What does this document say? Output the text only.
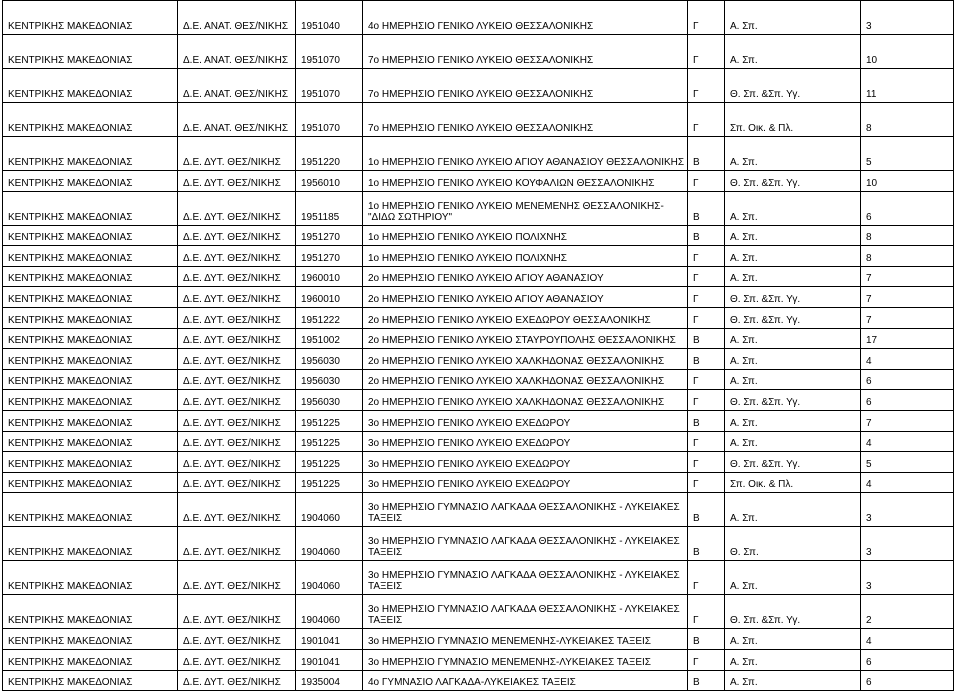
ΚΕΝΤΡΙΚΗΣ ΜΑΚΕΔΟΝΙΑΣ	Δ.Ε. ΑΝΑΤ. ΘΕΣ/ΝΙΚΗΣ	1951040	4ο ΗΜΕΡΗΣΙΟ ΓΕΝΙΚΟ ΛΥΚΕΙΟ ΘΕΣΣΑΛΟΝΙΚΗΣ	Γ	Α. Σπ.	3

ΚΕΝΤΡΙΚΗΣ ΜΑΚΕΔΟΝΙΑΣ	Δ.Ε. ΑΝΑΤ. ΘΕΣ/ΝΙΚΗΣ	1951070	7ο ΗΜΕΡΗΣΙΟ ΓΕΝΙΚΟ ΛΥΚΕΙΟ ΘΕΣΣΑΛΟΝΙΚΗΣ	Γ	Α. Σπ.	10

ΚΕΝΤΡΙΚΗΣ ΜΑΚΕΔΟΝΙΑΣ	Δ.Ε. ΑΝΑΤ. ΘΕΣ/ΝΙΚΗΣ	1951070	7ο ΗΜΕΡΗΣΙΟ ΓΕΝΙΚΟ ΛΥΚΕΙΟ ΘΕΣΣΑΛΟΝΙΚΗΣ	Γ	Θ. Σπ. &Σπ. Υγ.	11

ΚΕΝΤΡΙΚΗΣ ΜΑΚΕΔΟΝΙΑΣ	Δ.Ε. ΑΝΑΤ. ΘΕΣ/ΝΙΚΗΣ	1951070	7ο ΗΜΕΡΗΣΙΟ ΓΕΝΙΚΟ ΛΥΚΕΙΟ ΘΕΣΣΑΛΟΝΙΚΗΣ	Γ	Σπ. Οικ. & Πλ.	8

ΚΕΝΤΡΙΚΗΣ ΜΑΚΕΔΟΝΙΑΣ	Δ.Ε. ΔΥΤ. ΘΕΣ/ΝΙΚΗΣ	1951220	1ο ΗΜΕΡΗΣΙΟ ΓΕΝΙΚΟ ΛΥΚΕΙΟ ΑΓΙΟΥ ΑΘΑΝΑΣΙΟΥ ΘΕΣΣΑΛΟΝΙΚΗΣ	Β	Α. Σπ.	5

ΚΕΝΤΡΙΚΗΣ ΜΑΚΕΔΟΝΙΑΣ	Δ.Ε. ΔΥΤ. ΘΕΣ/ΝΙΚΗΣ	1956010	1ο ΗΜΕΡΗΣΙΟ ΓΕΝΙΚΟ ΛΥΚΕΙΟ ΚΟΥΦΑΛΙΩΝ ΘΕΣΣΑΛΟΝΙΚΗΣ	Γ	Θ. Σπ. &Σπ. Υγ.	10

ΚΕΝΤΡΙΚΗΣ ΜΑΚΕΔΟΝΙΑΣ	Δ.Ε. ΔΥΤ. ΘΕΣ/ΝΙΚΗΣ	1951185	1ο ΗΜΕΡΗΣΙΟ ΓΕΝΙΚΟ ΛΥΚΕΙΟ ΜΕΝΕΜΕΝΗΣ ΘΕΣΣΑΛΟΝΙΚΗΣ-"ΔΙΔΩ ΣΩΤΗΡΙΟΥ"	Β	Α. Σπ.	6

ΚΕΝΤΡΙΚΗΣ ΜΑΚΕΔΟΝΙΑΣ	Δ.Ε. ΔΥΤ. ΘΕΣ/ΝΙΚΗΣ	1951270	1ο ΗΜΕΡΗΣΙΟ ΓΕΝΙΚΟ ΛΥΚΕΙΟ ΠΟΛΙΧΝΗΣ	Β	Α. Σπ.	8

ΚΕΝΤΡΙΚΗΣ ΜΑΚΕΔΟΝΙΑΣ	Δ.Ε. ΔΥΤ. ΘΕΣ/ΝΙΚΗΣ	1951270	1ο ΗΜΕΡΗΣΙΟ ΓΕΝΙΚΟ ΛΥΚΕΙΟ ΠΟΛΙΧΝΗΣ	Γ	Α. Σπ.	8

ΚΕΝΤΡΙΚΗΣ ΜΑΚΕΔΟΝΙΑΣ	Δ.Ε. ΔΥΤ. ΘΕΣ/ΝΙΚΗΣ	1960010	2ο ΗΜΕΡΗΣΙΟ ΓΕΝΙΚΟ ΛΥΚΕΙΟ ΑΓΙΟΥ ΑΘΑΝΑΣΙΟΥ	Γ	Α. Σπ.	7

ΚΕΝΤΡΙΚΗΣ ΜΑΚΕΔΟΝΙΑΣ	Δ.Ε. ΔΥΤ. ΘΕΣ/ΝΙΚΗΣ	1960010	2ο ΗΜΕΡΗΣΙΟ ΓΕΝΙΚΟ ΛΥΚΕΙΟ ΑΓΙΟΥ ΑΘΑΝΑΣΙΟΥ	Γ	Θ. Σπ. &Σπ. Υγ.	7

ΚΕΝΤΡΙΚΗΣ ΜΑΚΕΔΟΝΙΑΣ	Δ.Ε. ΔΥΤ. ΘΕΣ/ΝΙΚΗΣ	1951222	2ο ΗΜΕΡΗΣΙΟ ΓΕΝΙΚΟ ΛΥΚΕΙΟ ΕΧΕΔΩΡΟΥ ΘΕΣΣΑΛΟΝΙΚΗΣ	Γ	Θ. Σπ. &Σπ. Υγ.	7

ΚΕΝΤΡΙΚΗΣ ΜΑΚΕΔΟΝΙΑΣ	Δ.Ε. ΔΥΤ. ΘΕΣ/ΝΙΚΗΣ	1951002	2ο ΗΜΕΡΗΣΙΟ ΓΕΝΙΚΟ ΛΥΚΕΙΟ ΣΤΑΥΡΟΥΠΟΛΗΣ ΘΕΣΣΑΛΟΝΙΚΗΣ	Β	Α. Σπ.	17

ΚΕΝΤΡΙΚΗΣ ΜΑΚΕΔΟΝΙΑΣ	Δ.Ε. ΔΥΤ. ΘΕΣ/ΝΙΚΗΣ	1956030	2ο ΗΜΕΡΗΣΙΟ ΓΕΝΙΚΟ ΛΥΚΕΙΟ ΧΑΛΚΗΔΟΝΑΣ ΘΕΣΣΑΛΟΝΙΚΗΣ	Β	Α. Σπ.	4

ΚΕΝΤΡΙΚΗΣ ΜΑΚΕΔΟΝΙΑΣ	Δ.Ε. ΔΥΤ. ΘΕΣ/ΝΙΚΗΣ	1956030	2ο ΗΜΕΡΗΣΙΟ ΓΕΝΙΚΟ ΛΥΚΕΙΟ ΧΑΛΚΗΔΟΝΑΣ ΘΕΣΣΑΛΟΝΙΚΗΣ	Γ	Α. Σπ.	6

ΚΕΝΤΡΙΚΗΣ ΜΑΚΕΔΟΝΙΑΣ	Δ.Ε. ΔΥΤ. ΘΕΣ/ΝΙΚΗΣ	1956030	2ο ΗΜΕΡΗΣΙΟ ΓΕΝΙΚΟ ΛΥΚΕΙΟ ΧΑΛΚΗΔΟΝΑΣ ΘΕΣΣΑΛΟΝΙΚΗΣ	Γ	Θ. Σπ. &Σπ. Υγ.	6

ΚΕΝΤΡΙΚΗΣ ΜΑΚΕΔΟΝΙΑΣ	Δ.Ε. ΔΥΤ. ΘΕΣ/ΝΙΚΗΣ	1951225	3ο ΗΜΕΡΗΣΙΟ ΓΕΝΙΚΟ ΛΥΚΕΙΟ ΕΧΕΔΩΡΟΥ	Β	Α. Σπ.	7

ΚΕΝΤΡΙΚΗΣ ΜΑΚΕΔΟΝΙΑΣ	Δ.Ε. ΔΥΤ. ΘΕΣ/ΝΙΚΗΣ	1951225	3ο ΗΜΕΡΗΣΙΟ ΓΕΝΙΚΟ ΛΥΚΕΙΟ ΕΧΕΔΩΡΟΥ	Γ	Α. Σπ.	4

ΚΕΝΤΡΙΚΗΣ ΜΑΚΕΔΟΝΙΑΣ	Δ.Ε. ΔΥΤ. ΘΕΣ/ΝΙΚΗΣ	1951225	3ο ΗΜΕΡΗΣΙΟ ΓΕΝΙΚΟ ΛΥΚΕΙΟ ΕΧΕΔΩΡΟΥ	Γ	Θ. Σπ. &Σπ. Υγ.	5

ΚΕΝΤΡΙΚΗΣ ΜΑΚΕΔΟΝΙΑΣ	Δ.Ε. ΔΥΤ. ΘΕΣ/ΝΙΚΗΣ	1951225	3ο ΗΜΕΡΗΣΙΟ ΓΕΝΙΚΟ ΛΥΚΕΙΟ ΕΧΕΔΩΡΟΥ	Γ	Σπ. Οικ. & Πλ.	4

ΚΕΝΤΡΙΚΗΣ ΜΑΚΕΔΟΝΙΑΣ	Δ.Ε. ΔΥΤ. ΘΕΣ/ΝΙΚΗΣ	1904060	3ο ΗΜΕΡΗΣΙΟ ΓΥΜΝΑΣΙΟ ΛΑΓΚΑΔΑ ΘΕΣΣΑΛΟΝΙΚΗΣ - ΛΥΚΕΙΑΚΕΣ ΤΑΞΕΙΣ	Β	Α. Σπ.	3

ΚΕΝΤΡΙΚΗΣ ΜΑΚΕΔΟΝΙΑΣ	Δ.Ε. ΔΥΤ. ΘΕΣ/ΝΙΚΗΣ	1904060	3ο ΗΜΕΡΗΣΙΟ ΓΥΜΝΑΣΙΟ ΛΑΓΚΑΔΑ ΘΕΣΣΑΛΟΝΙΚΗΣ - ΛΥΚΕΙΑΚΕΣ ΤΑΞΕΙΣ	Β	Θ. Σπ.	3

ΚΕΝΤΡΙΚΗΣ ΜΑΚΕΔΟΝΙΑΣ	Δ.Ε. ΔΥΤ. ΘΕΣ/ΝΙΚΗΣ	1904060	3ο ΗΜΕΡΗΣΙΟ ΓΥΜΝΑΣΙΟ ΛΑΓΚΑΔΑ ΘΕΣΣΑΛΟΝΙΚΗΣ - ΛΥΚΕΙΑΚΕΣ ΤΑΞΕΙΣ	Γ	Α. Σπ.	3

ΚΕΝΤΡΙΚΗΣ ΜΑΚΕΔΟΝΙΑΣ	Δ.Ε. ΔΥΤ. ΘΕΣ/ΝΙΚΗΣ	1904060	3ο ΗΜΕΡΗΣΙΟ ΓΥΜΝΑΣΙΟ ΛΑΓΚΑΔΑ ΘΕΣΣΑΛΟΝΙΚΗΣ - ΛΥΚΕΙΑΚΕΣ ΤΑΞΕΙΣ	Γ	Θ. Σπ. &Σπ. Υγ.	2

ΚΕΝΤΡΙΚΗΣ ΜΑΚΕΔΟΝΙΑΣ	Δ.Ε. ΔΥΤ. ΘΕΣ/ΝΙΚΗΣ	1901041	3ο ΗΜΕΡΗΣΙΟ ΓΥΜΝΑΣΙΟ ΜΕΝΕΜΕΝΗΣ-ΛΥΚΕΙΑΚΕΣ ΤΑΞΕΙΣ	Β	Α. Σπ.	4

ΚΕΝΤΡΙΚΗΣ ΜΑΚΕΔΟΝΙΑΣ	Δ.Ε. ΔΥΤ. ΘΕΣ/ΝΙΚΗΣ	1901041	3ο ΗΜΕΡΗΣΙΟ ΓΥΜΝΑΣΙΟ ΜΕΝΕΜΕΝΗΣ-ΛΥΚΕΙΑΚΕΣ ΤΑΞΕΙΣ	Γ	Α. Σπ.	6

ΚΕΝΤΡΙΚΗΣ ΜΑΚΕΔΟΝΙΑΣ	Δ.Ε. ΔΥΤ. ΘΕΣ/ΝΙΚΗΣ	1935004	4ο ΓΥΜΝΑΣΙΟ ΛΑΓΚΑΔΑ-ΛΥΚΕΙΑΚΕΣ ΤΑΞΕΙΣ	Β	Α. Σπ.	6
